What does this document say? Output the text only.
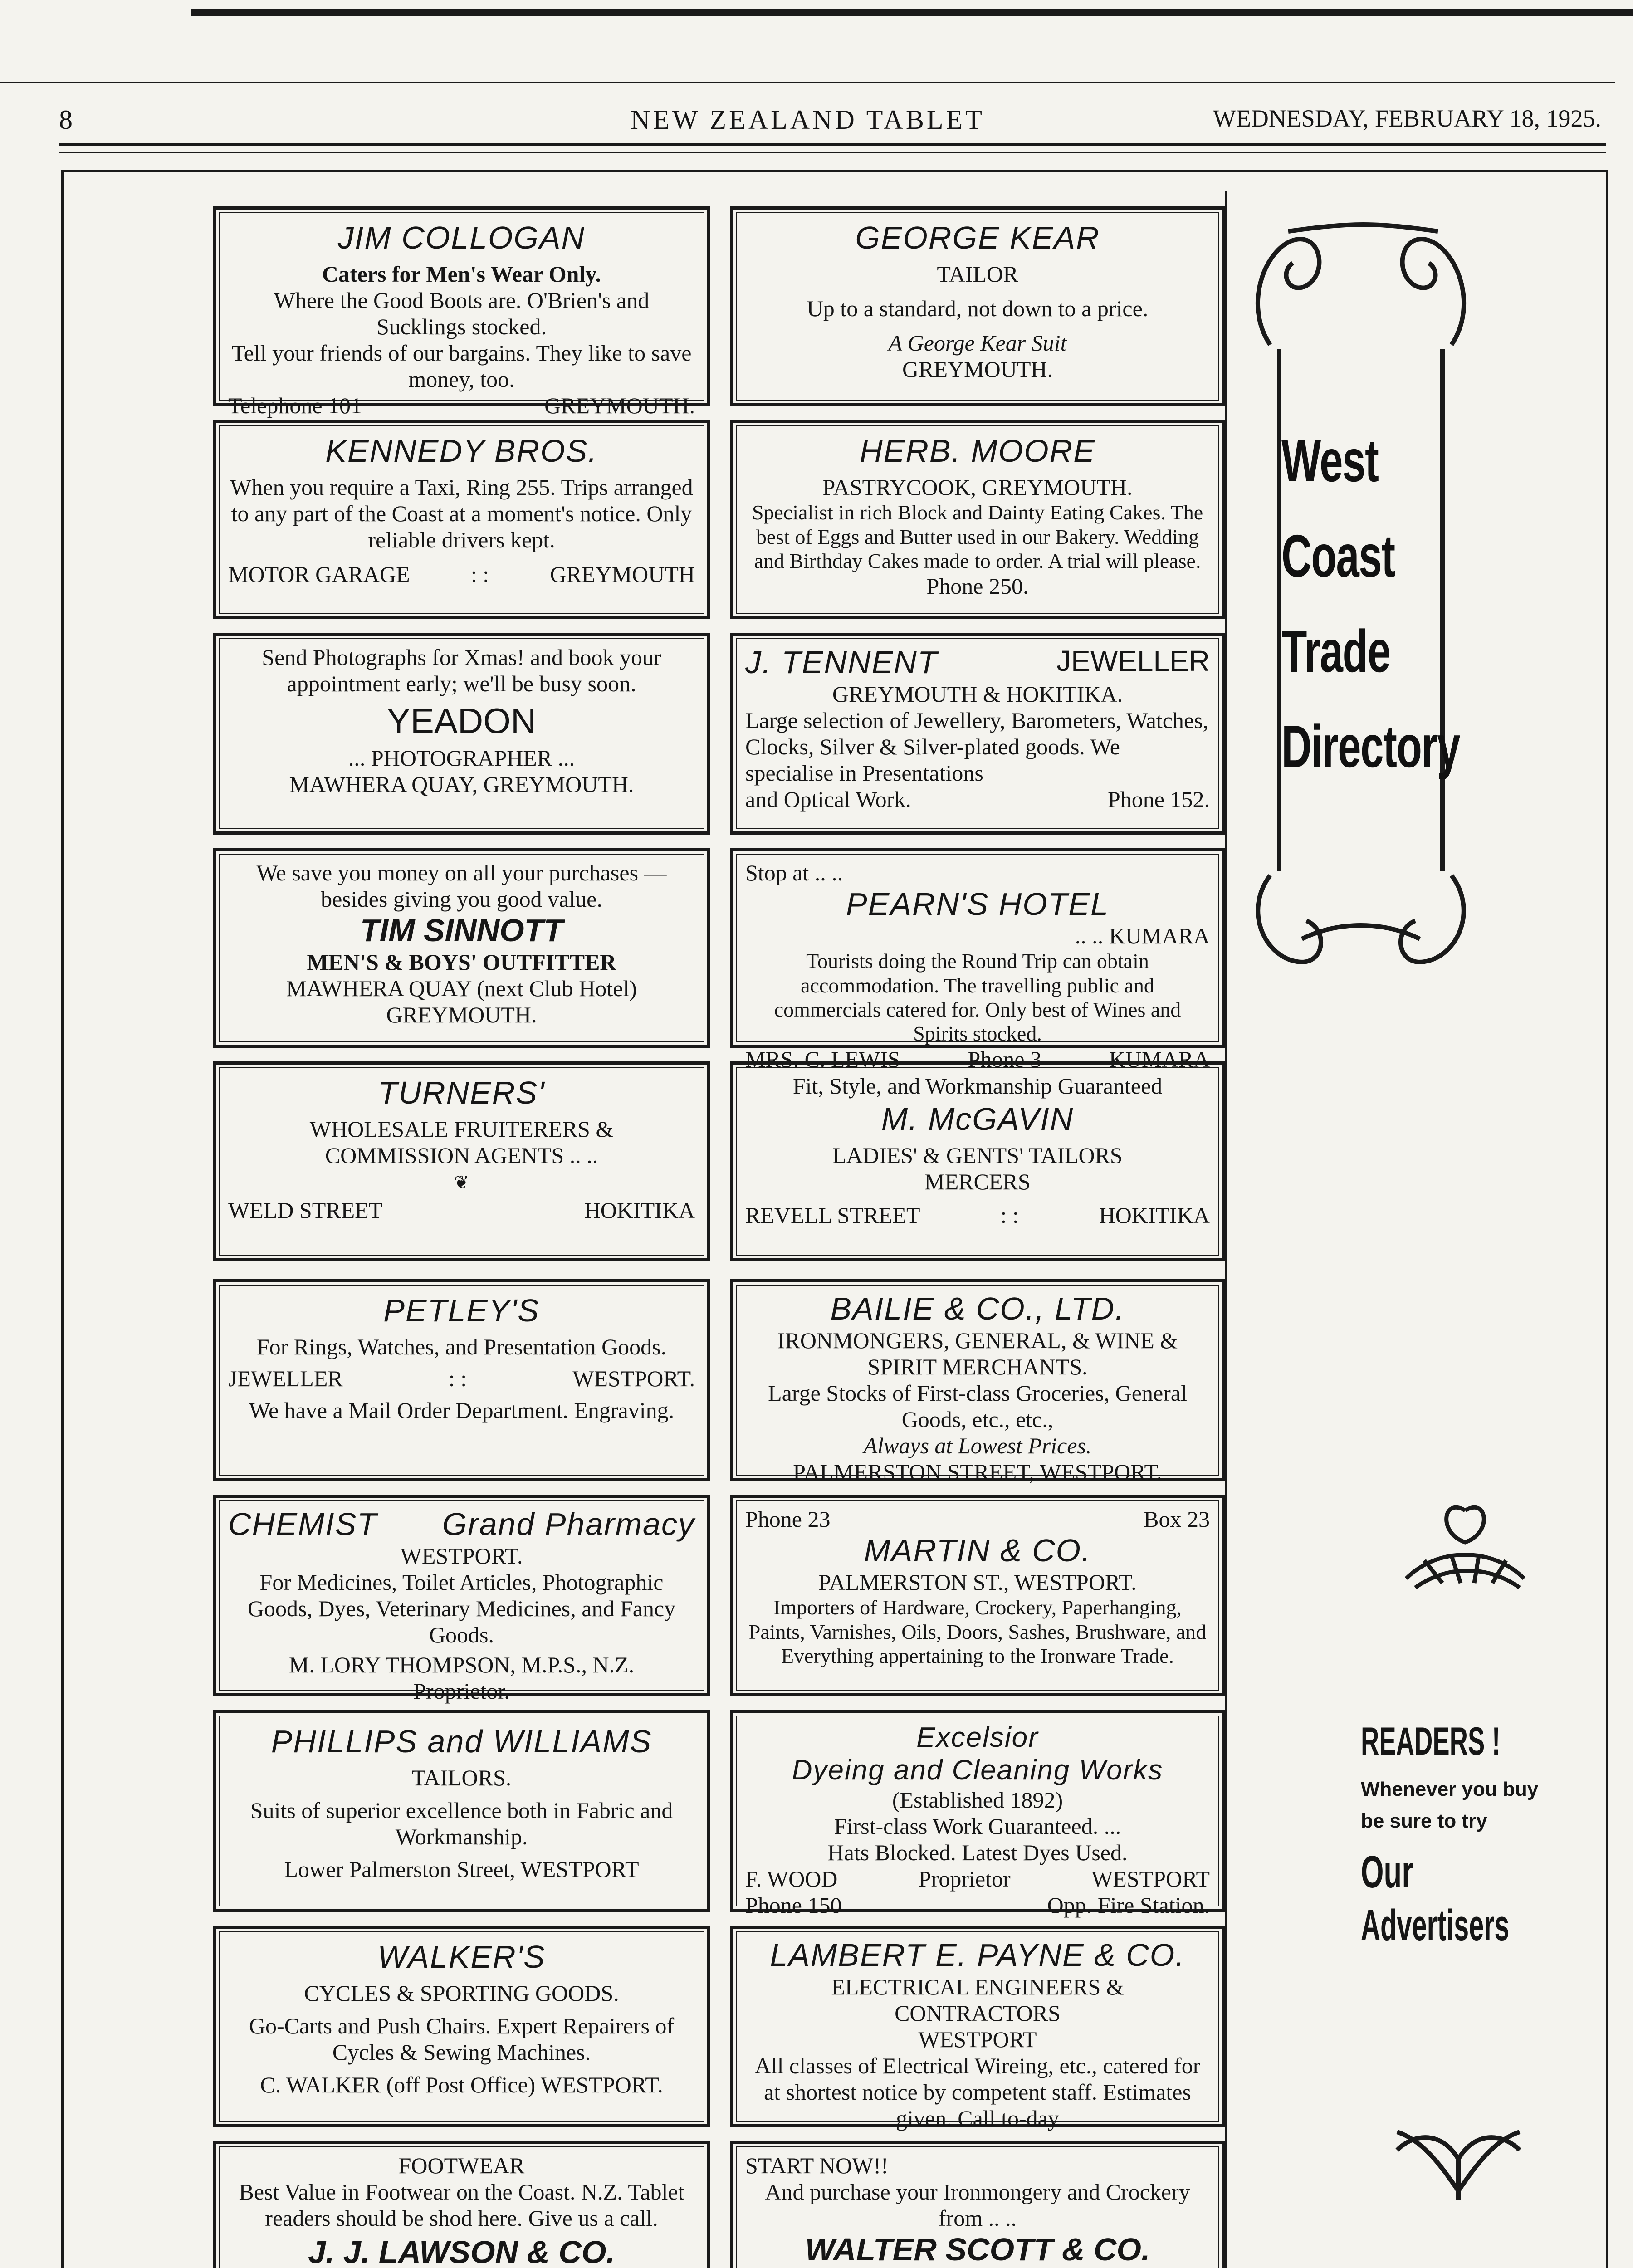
8	NEW ZEALAND TABLET	WEDNESDAY, FEBRUARY 18, 1925.
JIM COLLOGAN
Caters for Men's Wear Only.
Where the Good Boots are. O'Brien's and Sucklings stocked.
Tell your friends of our bargains. They like to save money, too.
Telephone 101	GREYMOUTH.
KENNEDY BROS.
When you require a Taxi, Ring 255. Trips arranged to any part of the Coast at a moment's notice. Only reliable drivers kept.
MOTOR GARAGE	: :	GREYMOUTH
Send Photographs for Xmas! and book your appointment early; we'll be busy soon.
YEADON
... PHOTOGRAPHER ...
MAWHERA QUAY, GREYMOUTH.
We save you money on all your purchases —besides giving you good value.
TIM SINNOTT
MEN'S & BOYS' OUTFITTER
MAWHERA QUAY (next Club Hotel)
GREYMOUTH.
TURNERS'
WHOLESALE FRUITERERS &
COMMISSION AGENTS .. ..
❦
WELD STREET	HOKITIKA
PETLEY'S
For Rings, Watches, and Presentation Goods.
JEWELLER	: :	WESTPORT.
We have a Mail Order Department. Engraving.
CHEMIST Grand Pharmacy
WESTPORT.
For Medicines, Toilet Articles, Photographic Goods, Dyes, Veterinary Medicines, and Fancy Goods.
M. LORY THOMPSON, M.P.S., N.Z.
Proprietor.
PHILLIPS and WILLIAMS
TAILORS.
Suits of superior excellence both in Fabric and Workmanship.
Lower Palmerston Street, WESTPORT
WALKER'S
CYCLES & SPORTING GOODS.
Go-Carts and Push Chairs. Expert Repairers of Cycles & Sewing Machines.
C. WALKER (off Post Office) WESTPORT.
FOOTWEAR
Best Value in Footwear on the Coast. N.Z. Tablet readers should be shod here. Give us a call.
J. J. LAWSON & CO.
GEORGE KEAR
TAILOR
Up to a standard, not down to a price.
A George Kear Suit
GREYMOUTH.
HERB. MOORE
PASTRYCOOK, GREYMOUTH.
Specialist in rich Block and Dainty Eating Cakes. The best of Eggs and Butter used in our Bakery. Wedding and Birthday Cakes made to order. A trial will please.
Phone 250.
J. TENNENT	JEWELLER
GREYMOUTH & HOKITIKA.
Large selection of Jewellery, Barometers, Watches, Clocks, Silver & Silver-plated goods. We specialise in Presentations
and Optical Work.	Phone 152.
Stop at .. ..
PEARN'S HOTEL
.. .. KUMARA
Tourists doing the Round Trip can obtain accommodation. The travelling public and commercials catered for. Only best of Wines and Spirits stocked.
MRS. C. LEWIS	Phone 3	KUMARA
Fit, Style, and Workmanship Guaranteed
M. McGAVIN
LADIES' & GENTS' TAILORS
MERCERS
REVELL STREET	: :	HOKITIKA
BAILIE & CO., LTD.
IRONMONGERS, GENERAL, & WINE & SPIRIT MERCHANTS.
Large Stocks of First-class Groceries, General Goods, etc., etc.,
Always at Lowest Prices.
PALMERSTON STREET, WESTPORT.
Phone 23	Box 23
MARTIN & CO.
PALMERSTON ST., WESTPORT.
Importers of Hardware, Crockery, Paperhanging, Paints, Varnishes, Oils, Doors, Sashes, Brushware, and Everything appertaining to the Ironware Trade.
Excelsior
Dyeing and Cleaning Works
(Established 1892)
First-class Work Guaranteed. ...
Hats Blocked. Latest Dyes Used.
F. WOOD	Proprietor	WESTPORT
Phone 150	Opp. Fire Station.
LAMBERT E. PAYNE & CO.
ELECTRICAL ENGINEERS &
CONTRACTORS
WESTPORT
All classes of Electrical Wireing, etc., catered for at shortest notice by competent staff. Estimates given. Call to-day
START NOW!!
And purchase your Ironmongery and Crockery from .. ..
WALTER SCOTT & CO.
West
Coast
Trade
Directory
READERS !
Whenever you buy
be sure to try
Our
Advertisers
